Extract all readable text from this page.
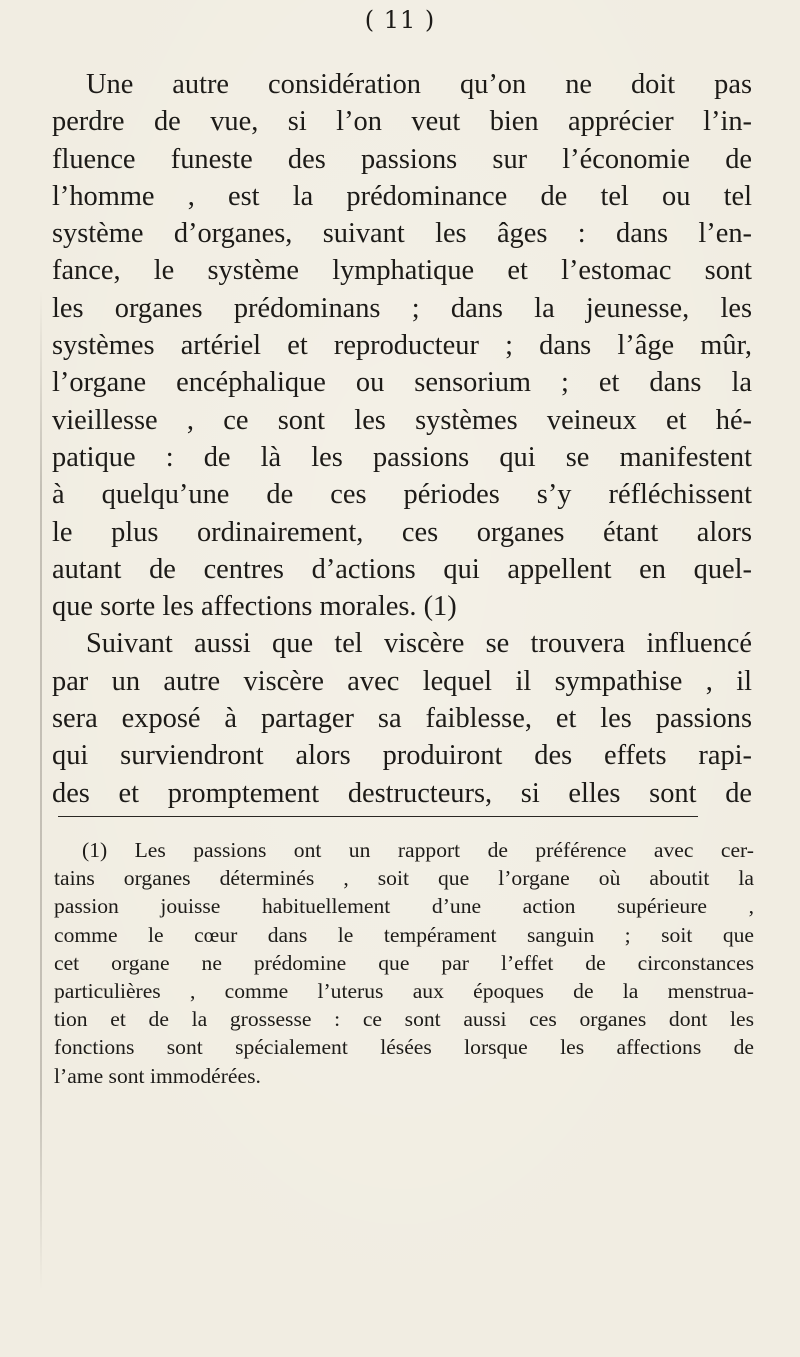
( 11 )
Une autre considération qu’on ne doit pas
perdre de vue, si l’on veut bien apprécier l’in-
fluence funeste des passions sur l’économie de
l’homme , est la prédominance de tel ou tel
système d’organes, suivant les âges : dans l’en-
fance, le système lymphatique et l’estomac sont
les organes prédominans ; dans la jeunesse, les
systèmes artériel et reproducteur ; dans l’âge mûr,
l’organe encéphalique ou sensorium ; et dans la
vieillesse , ce sont les systèmes veineux et hé-
patique : de là les passions qui se manifestent
à quelqu’une de ces périodes s’y réfléchissent
le plus ordinairement, ces organes étant alors
autant de centres d’actions qui appellent en quel-
que sorte les affections morales. (1)
Suivant aussi que tel viscère se trouvera influencé
par un autre viscère avec lequel il sympathise , il
sera exposé à partager sa faiblesse, et les passions
qui surviendront alors produiront des effets rapi-
des et promptement destructeurs, si elles sont de
(1) Les passions ont un rapport de préférence avec cer-
tains organes déterminés , soit que l’organe où aboutit la
passion jouisse habituellement d’une action supérieure ,
comme le cœur dans le tempérament sanguin ; soit que
cet organe ne prédomine que par l’effet de circonstances
particulières , comme l’uterus aux époques de la menstrua-
tion et de la grossesse : ce sont aussi ces organes dont les
fonctions sont spécialement lésées lorsque les affections de
l’ame sont immodérées.
